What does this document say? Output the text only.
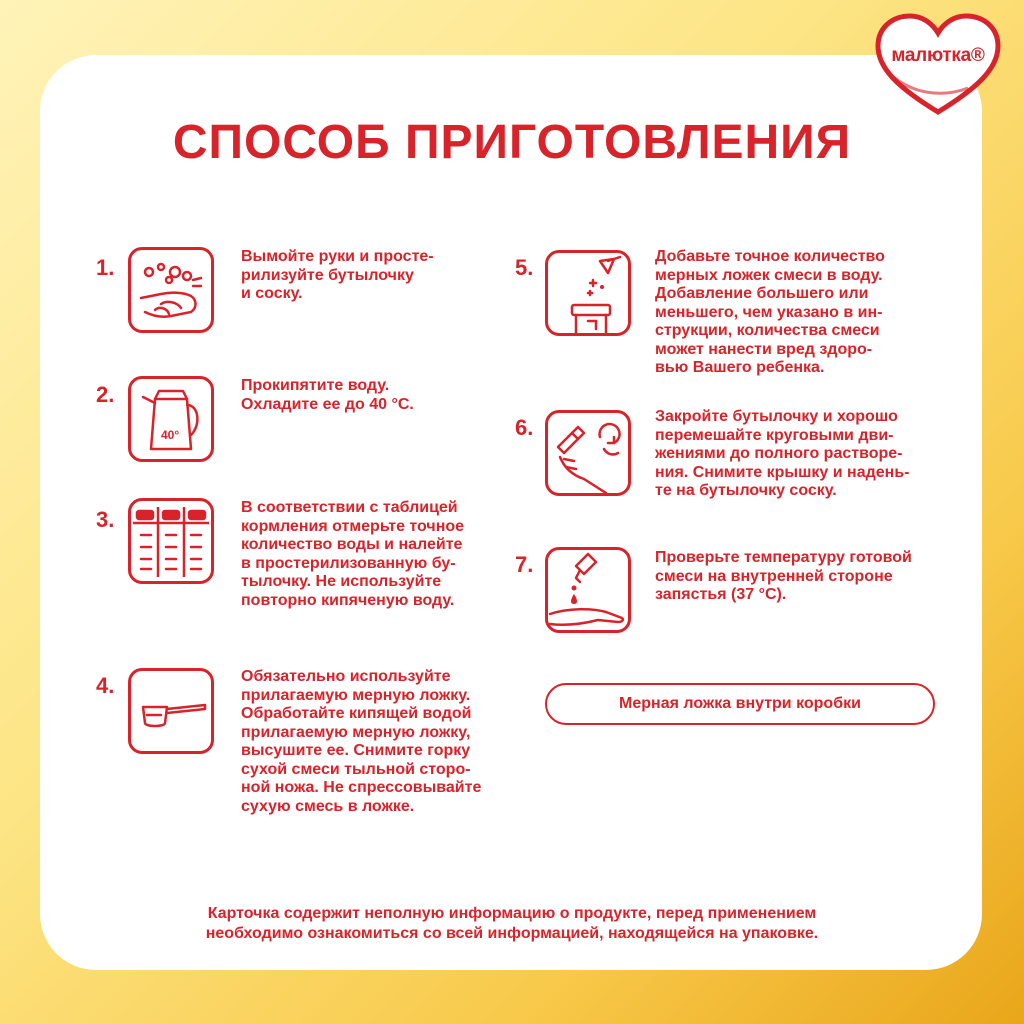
малютка®
СПОСОБ ПРИГОТОВЛЕНИЯ
1.	Вымойте руки и просте-
рилизуйте бутылочку
и соску.
2.
40°
Прокипятите воду.
Охладите ее до 40 °С.
3.	В соответствии с таблицей
кормления отмерьте точное
количество воды и налейте
в простерилизованную бу-
тылочку. Не используйте
повторно кипяченую воду.
4.	Обязательно используйте
прилагаемую мерную ложку.
Обработайте кипящей водой
прилагаемую мерную ложку,
высушите ее. Снимите горку
сухой смеси тыльной сторо-
ной ножа. Не спрессовывайте
сухую смесь в ложке.
5.	Добавьте точное количество
мерных ложек смеси в воду.
Добавление большего или
меньшего, чем указано в ин-
струкции, количества смеси
может нанести вред здоро-
вью Вашего ребенка.
6.	Закройте бутылочку и хорошо
перемешайте круговыми дви-
жениями до полного растворе-
ния. Снимите крышку и надень-
те на бутылочку соску.
7.	Проверьте температуру готовой
смеси на внутренней стороне
запястья (37 °С).
Мерная ложка внутри коробки
Карточка содержит неполную информацию о продукте, перед применением
необходимо ознакомиться со всей информацией, находящейся на упаковке.
